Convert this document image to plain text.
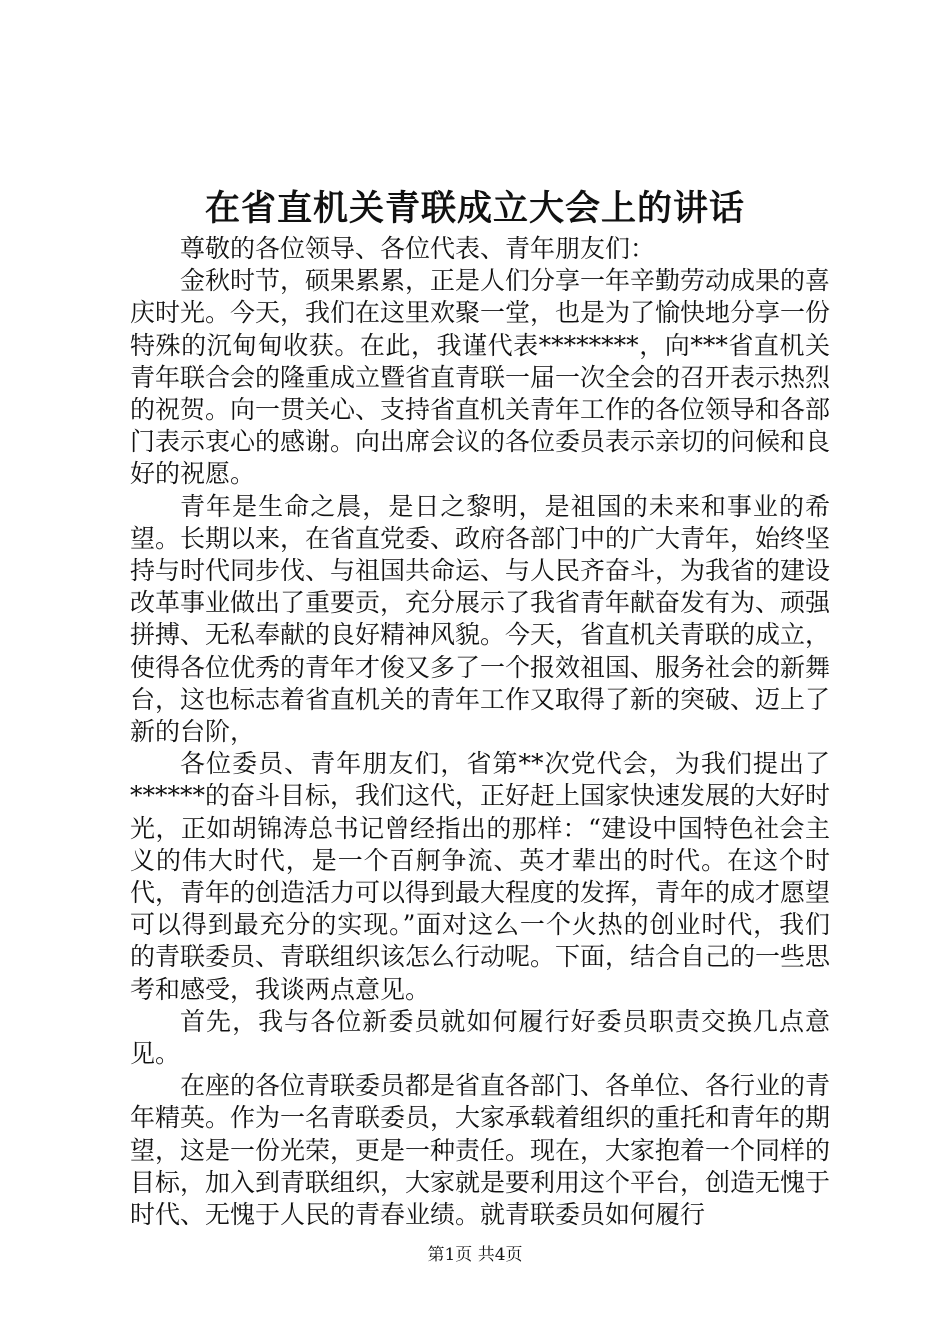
在省直机关青联成立大会上的讲话

尊敬的各位领导、各位代表、青年朋友们：

金秋时节，硕果累累，正是人们分享一年辛勤劳动成果的喜庆时光。今天，我们在这里欢聚一堂，也是为了愉快地分享一份特殊的沉甸甸收获。在此，我谨代表********，向***省直机关青年联合会的隆重成立暨省直青联一届一次全会的召开表示热烈的祝贺。向一贯关心、支持省直机关青年工作的各位领导和各部门表示衷心的感谢。向出席会议的各位委员表示亲切的问候和良好的祝愿。

青年是生命之晨，是日之黎明，是祖国的未来和事业的希望。长期以来，在省直党委、政府各部门中的广大青年，始终坚持与时代同步伐、与祖国共命运、与人民齐奋斗，为我省的建设改革事业做出了重要贡，充分展示了我省青年献奋发有为、顽强拼搏、无私奉献的良好精神风貌。今天，省直机关青联的成立，使得各位优秀的青年才俊又多了一个报效祖国、服务社会的新舞台，这也标志着省直机关的青年工作又取得了新的突破、迈上了新的台阶，

各位委员、青年朋友们，省第**次党代会，为我们提出了******的奋斗目标，我们这代，正好赶上国家快速发展的大好时光，正如胡锦涛总书记曾经指出的那样：“建设中国特色社会主义的伟大时代，是一个百舸争流、英才辈出的时代。在这个时代，青年的创造活力可以得到最大程度的发挥，青年的成才愿望可以得到最充分的实现。”面对这么一个火热的创业时代，我们的青联委员、青联组织该怎么行动呢。下面，结合自己的一些思考和感受，我谈两点意见。

首先，我与各位新委员就如何履行好委员职责交换几点意见。

在座的各位青联委员都是省直各部门、各单位、各行业的青年精英。作为一名青联委员，大家承载着组织的重托和青年的期望，这是一份光荣，更是一种责任。现在，大家抱着一个同样的目标，加入到青联组织，大家就是要利用这个平台，创造无愧于时代、无愧于人民的青春业绩。就青联委员如何履行

第1页 共4页
